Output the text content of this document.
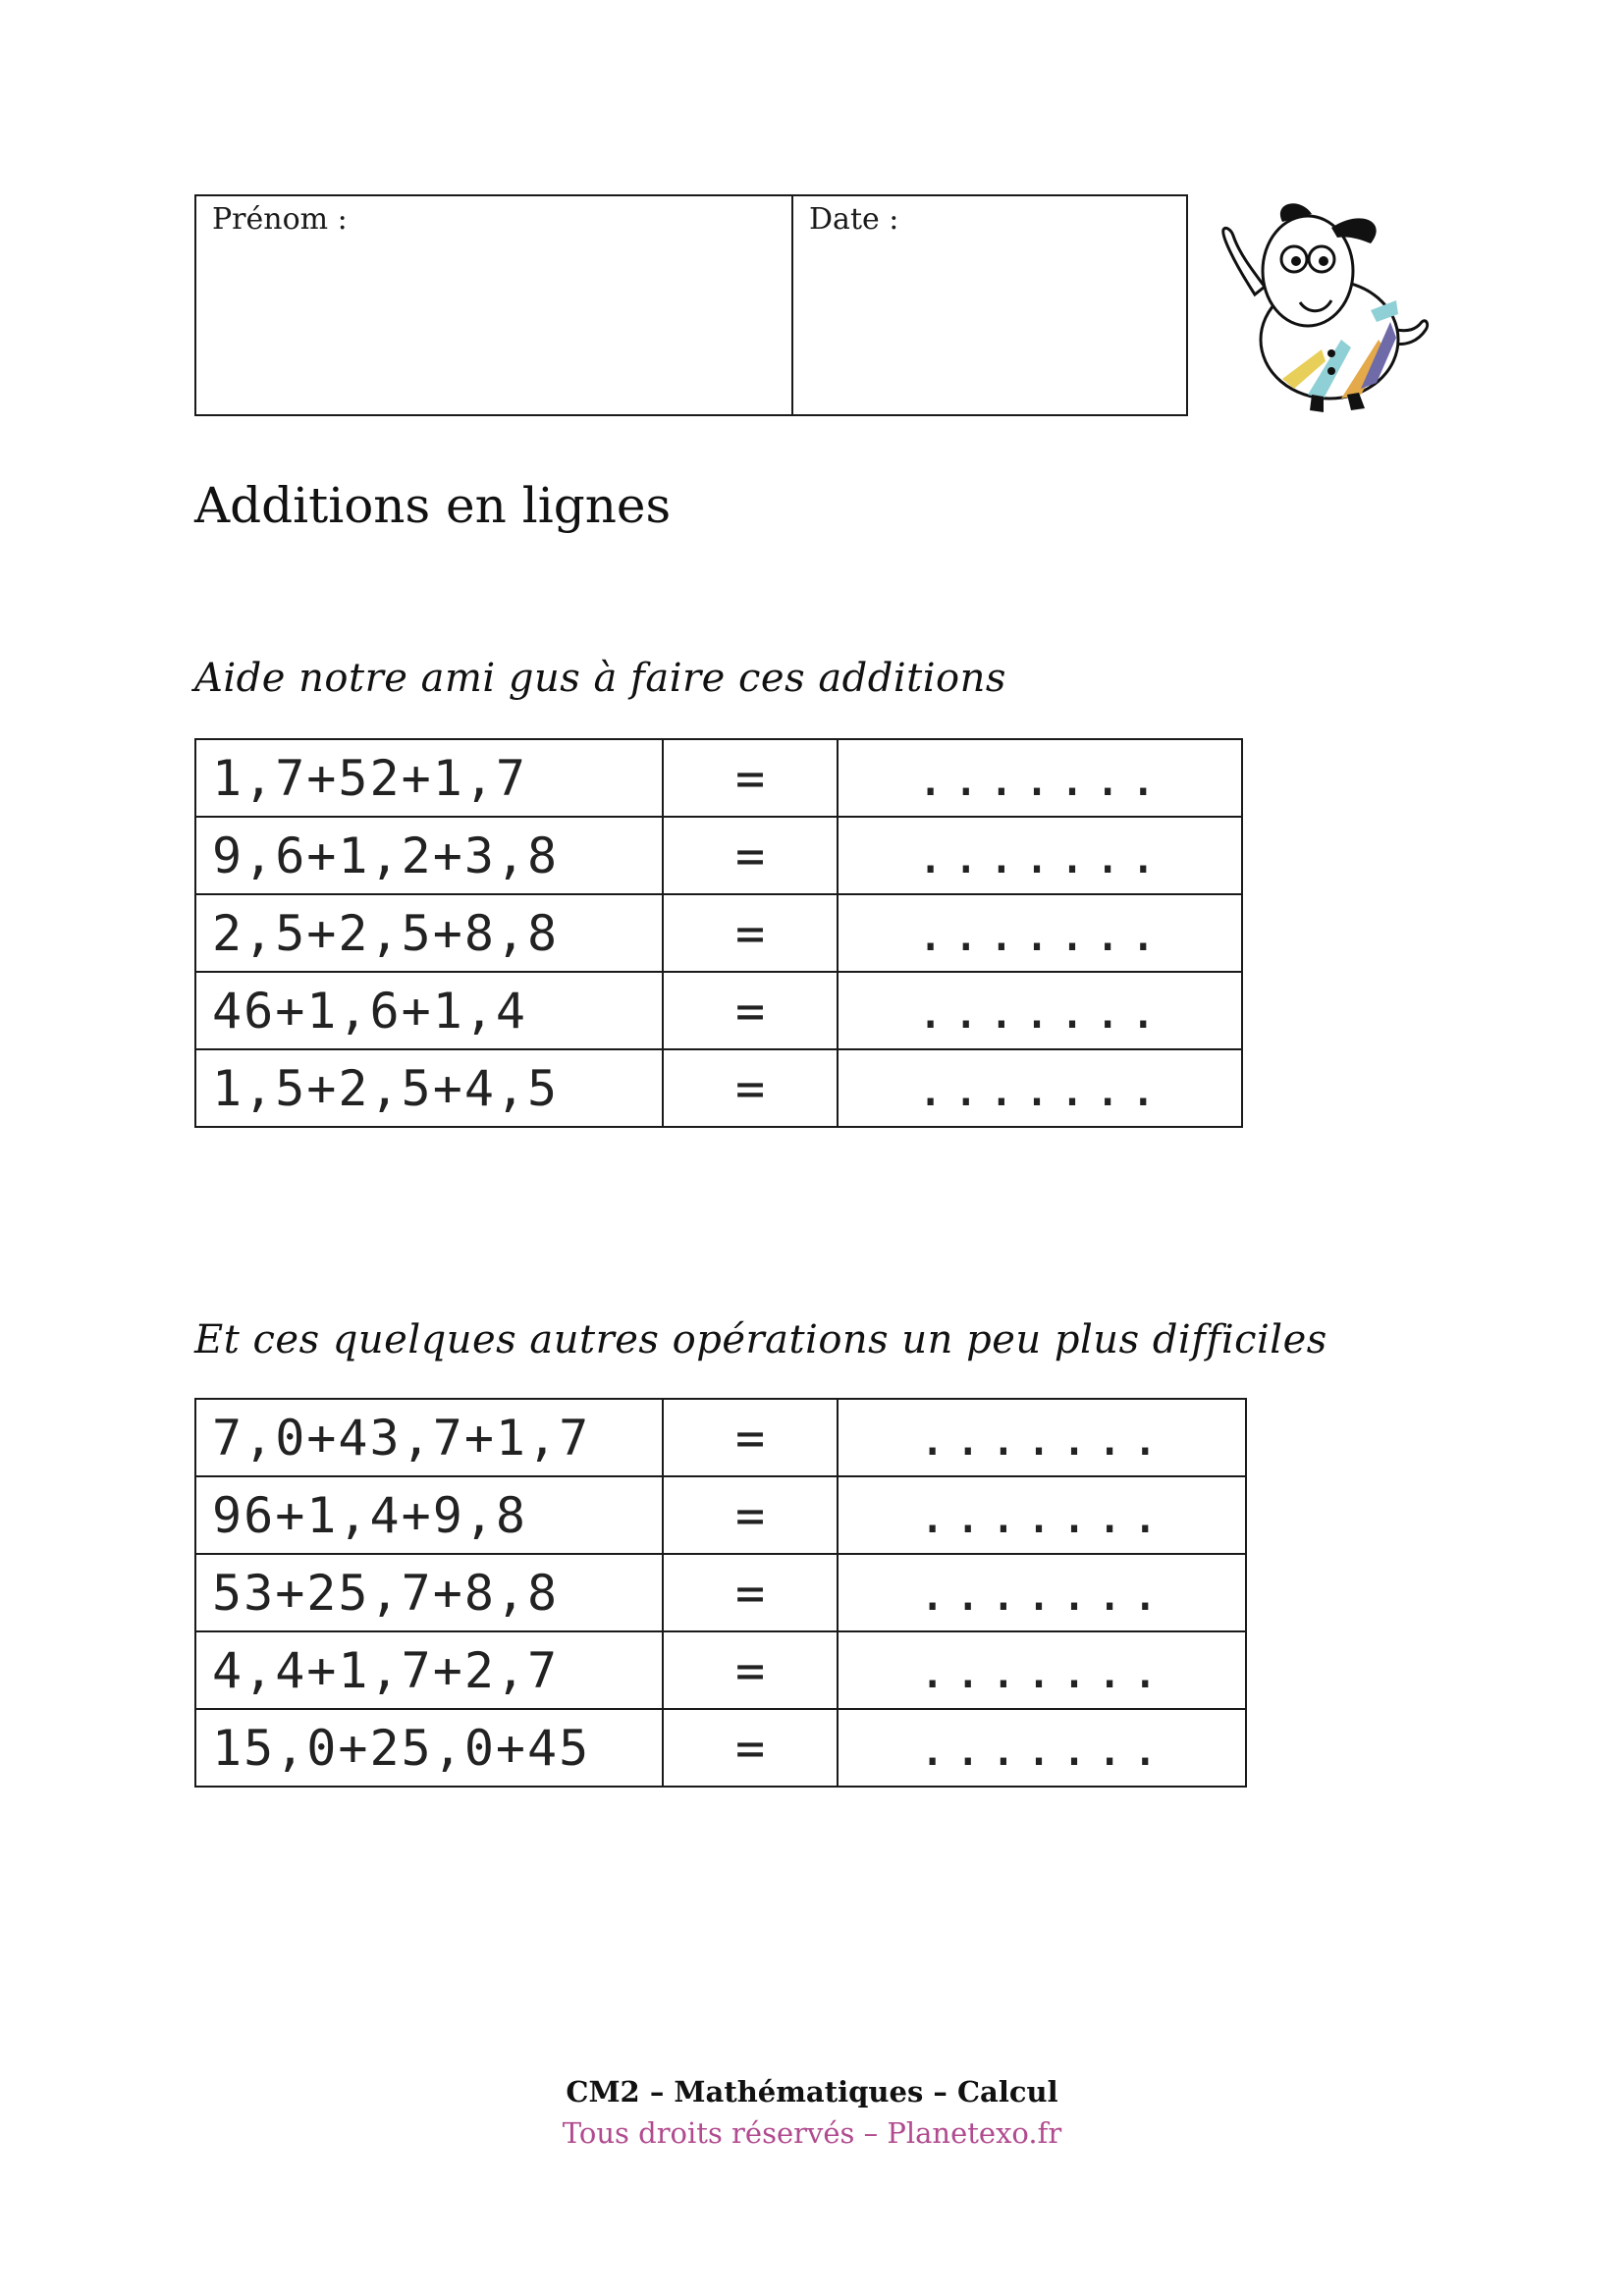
Prénom :	Date :
Additions en lignes
Aide notre ami gus à faire ces additions
1,7+52+1,7	=	.......
9,6+1,2+3,8	=	.......
2,5+2,5+8,8	=	.......
46+1,6+1,4	=	.......
1,5+2,5+4,5	=	.......
Et ces quelques autres opérations un peu plus difficiles
7,0+43,7+1,7	=	.......
96+1,4+9,8	=	.......
53+25,7+8,8	=	.......
4,4+1,7+2,7	=	.......
15,0+25,0+45	=	.......
CM2 – Mathématiques – Calcul
Tous droits réservés – Planetexo.fr
